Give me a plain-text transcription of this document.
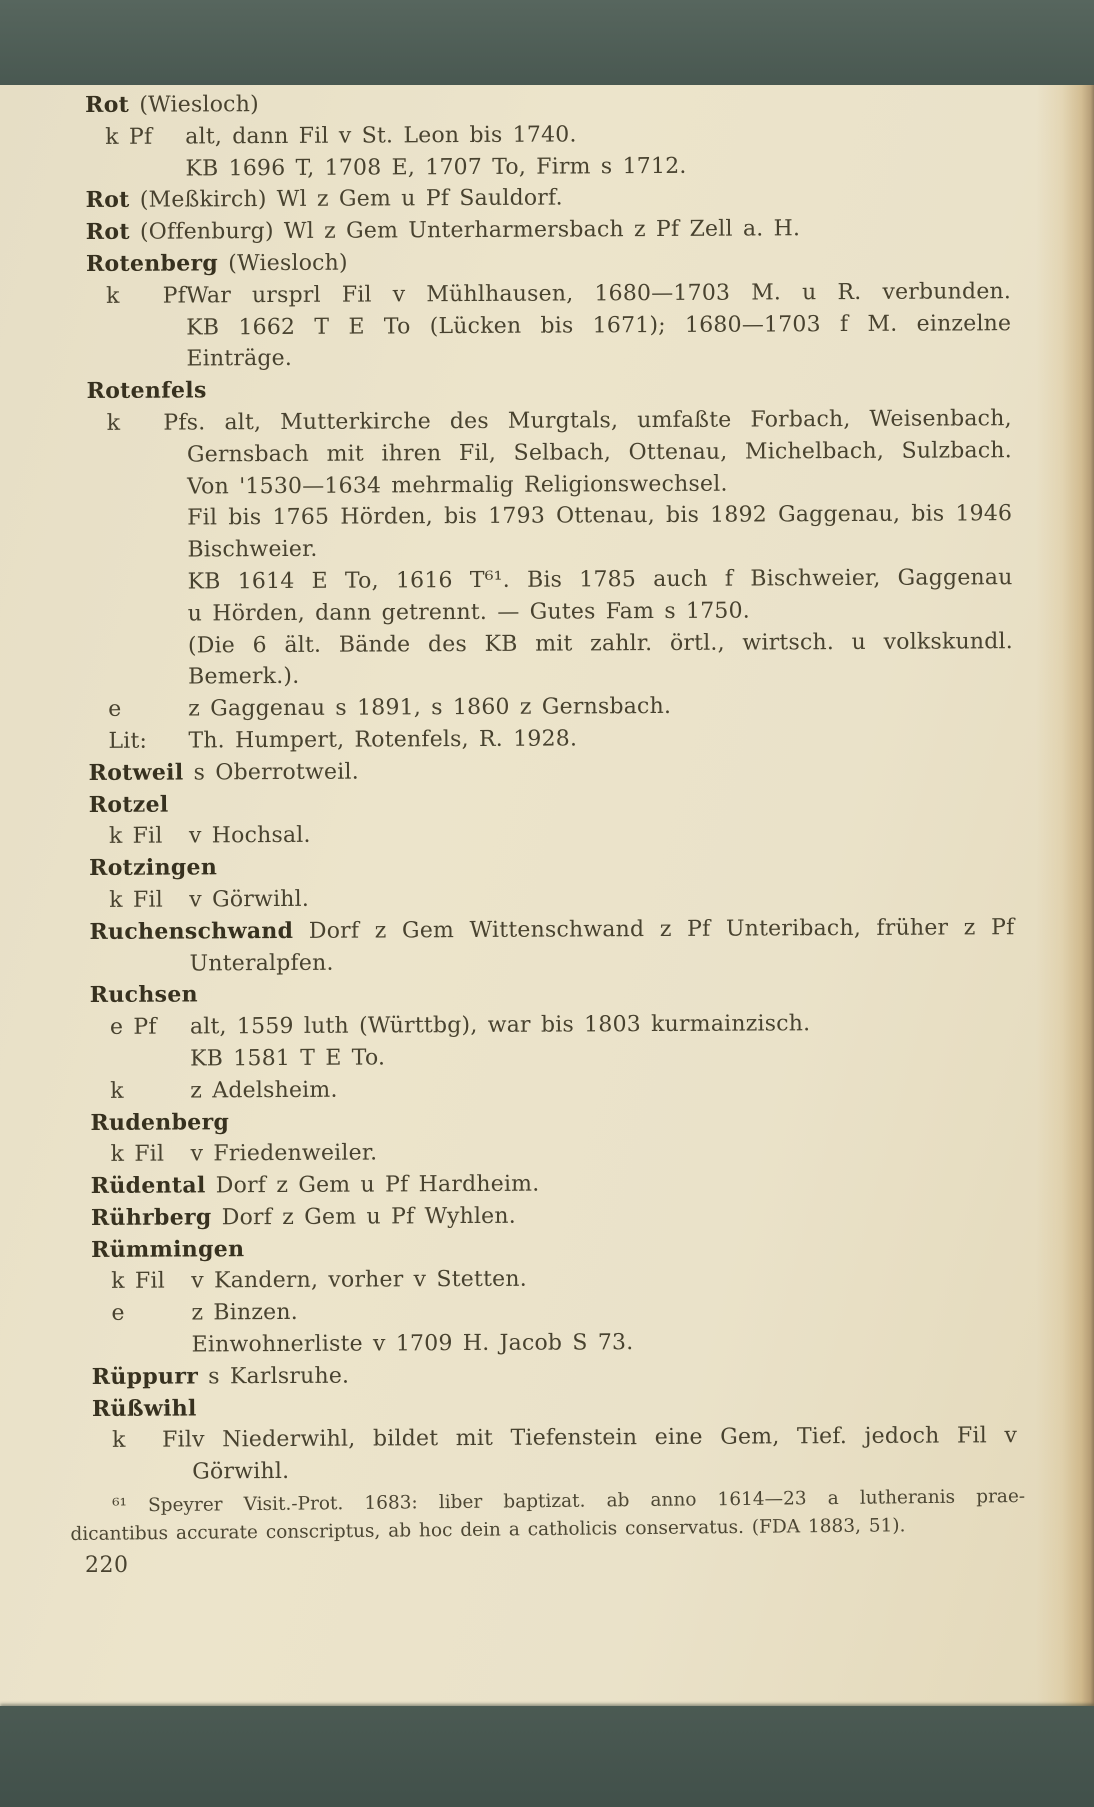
Rot (Wiesloch)
k Pf	alt, dann Fil v St. Leon bis 1740.
KB 1696 T, 1708 E, 1707 To, Firm s 1712.
Rot (Meßkirch) Wl z Gem u Pf Sauldorf.
Rot (Offenburg) Wl z Gem Unterharmersbach z Pf Zell a. H.
Rotenberg (Wiesloch)
k Pf War ursprl Fil v Mühlhausen, 1680—1703 M. u R. verbunden.
KB 1662 T E To (Lücken bis 1671); 1680—1703 f M. einzelne
Einträge.
Rotenfels
k Pf s. alt, Mutterkirche des Murgtals, umfaßte Forbach, Weisenbach,
Gernsbach mit ihren Fil, Selbach, Ottenau, Michelbach, Sulzbach.
Von '1530—1634 mehrmalig Religionswechsel.
Fil bis 1765 Hörden, bis 1793 Ottenau, bis 1892 Gaggenau, bis 1946
Bischweier.
KB 1614 E To, 1616 T⁶¹. Bis 1785 auch f Bischweier, Gaggenau
u Hörden, dann getrennt. — Gutes Fam s 1750.
(Die 6 ält. Bände des KB mit zahlr. örtl., wirtsch. u volkskundl.
Bemerk.).
e	z Gaggenau s 1891, s 1860 z Gernsbach.
Lit:	Th. Humpert, Rotenfels, R. 1928.
Rotweil s Oberrotweil.
Rotzel
k Fil	v Hochsal.
Rotzingen
k Fil	v Görwihl.
Ruchenschwand Dorf z Gem Wittenschwand z Pf Unteribach, früher z Pf
Unteralpfen.
Ruchsen
e Pf	alt, 1559 luth (Württbg), war bis 1803 kurmainzisch.
KB 1581 T E To.
k	z Adelsheim.
Rudenberg
k Fil	v Friedenweiler.
Rüdental Dorf z Gem u Pf Hardheim.
Rührberg Dorf z Gem u Pf Wyhlen.
Rümmingen
k Fil	v Kandern, vorher v Stetten.
e	z Binzen.
Einwohnerliste v 1709 H. Jacob S 73.
Rüppurr s Karlsruhe.
Rüßwihl
k Fil v Niederwihl, bildet mit Tiefenstein eine Gem, Tief. jedoch Fil v
Görwihl.
⁶¹ Speyrer Visit.-Prot. 1683: liber baptizat. ab anno 1614—23 a lutheranis prae-
dicantibus accurate conscriptus, ab hoc dein a catholicis conservatus. (FDA 1883, 51).
220
